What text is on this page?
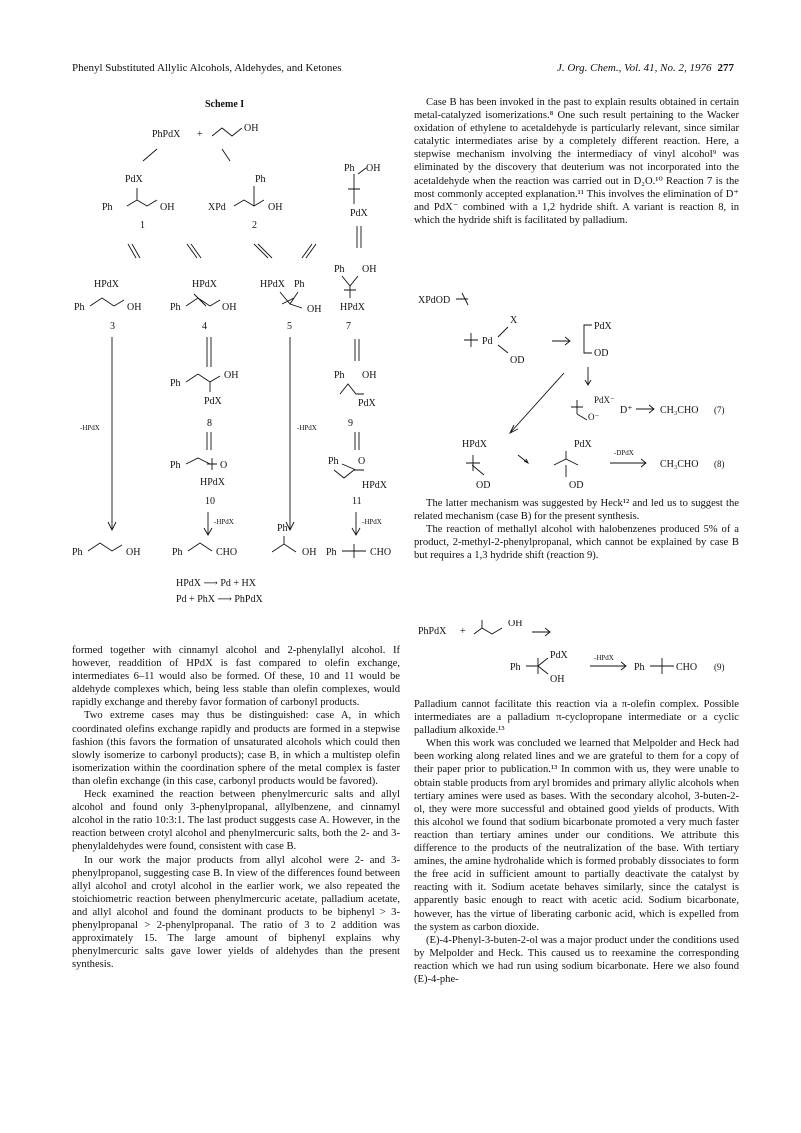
Phenyl Substituted Allylic Alcohols, Aldehydes, and Ketones	J. Org. Chem., Vol. 41, No. 2, 1976 277
Scheme I
PhPdX +
OH
PdX
Ph	OH
1
Ph
XPd	OH
2
Ph OH
PdX
HPdX
Ph	OH
3
HPdX
Ph	OH
4
HPdX Ph
OH
5
Ph OH
HPdX
7
-HPdX	-HPdX
Ph
OH
PdX
8
Ph OH
PdX
9
Ph	O
HPdX
10
Ph O
HPdX
11
-HPdX	-HPdX
Ph	OH	Ph	CHO
Ph
OH Ph	CHO
HPdX ⟶ Pd + HX
Pd + PhX ⟶ PhPdX

formed together with cinnamyl alcohol and 2-phenylallyl alcohol. If however, readdition of HPdX is fast compared to olefin exchange, intermediates 6–11 would also be formed. Of these, 10 and 11 would be aldehyde complexes which, being less stable than olefin complexes, would rapidly exchange and thereby favor formation of carbonyl products.

Two extreme cases may thus be distinguished: case A, in which coordinated olefins exchange rapidly and products are formed in a stepwise fashion (this favors the formation of unsaturated alcohols which could then slowly isomerize to carbonyl products); case B, in which a multistep olefin isomerization within the coordination sphere of the metal complex is faster than olefin exchange (in this case, carbonyl products would be favored).

Heck examined the reaction between phenylmercuric salts and allyl alcohol and found only 3-phenylpropanal, allylbenzene, and cinnamyl alcohol in the ratio 10:3:1. The last product suggests case A. However, in the reaction between crotyl alcohol and phenylmercuric salts, both the 2- and 3-phenylaldehydes were found, consistent with case B.

In our work the major products from allyl alcohol were 2- and 3-phenylpropanol, suggesting case B. In view of the differences found between allyl alcohol and crotyl alcohol in the earlier work, we also repeated the stoichiometric reaction between phenylmercuric acetate, palladium acetate, and allyl alcohol and found the dominant products to be biphenyl > 3-phenylpropanal > 2-phenylpropanal. The ratio of 3 to 2 addition was approximately 15. The large amount of biphenyl explains why phenylmercuric salts gave lower yields of aldehydes than the present synthesis.

Case B has been invoked in the past to explain results obtained in certain metal-catalyzed isomerizations.⁸ One such result pertaining to the Wacker oxidation of ethylene to acetaldehyde is particularly relevant, since similar catalytic intermediates arise by a completely different reaction. Here, a stepwise mechanism involving the intermediacy of vinyl alcohol⁹ was eliminated by the discovery that deuterium was not incorporated into the acetaldehyde when the reaction was carried out in D₂O.¹⁰ Reaction 7 is the most commonly accepted explanation.¹¹ This involves the elimination of D⁺ and PdX⁻ combined with a 1,2 hydride shift. A variant is reaction 8, in which the hydride shift is facilitated by palladium.

XPdOD
Pd
X
OD
PdX
OD
PdX⁻
O⁻
D⁺	CH₃CHO (7)
HPdX
OD
PdX
OD
-DPdX
CH₃CHO (8)

The latter mechanism was suggested by Heck¹² and led us to suggest the related mechanism (case B) for the present synthesis.

The reaction of methallyl alcohol with halobenzenes produced 5% of a product, 2-methyl-2-phenylpropanal, which cannot be explained by case B but requires a 1,3 hydride shift (reaction 9).

PhPdX +
OH
Ph
PdX
OH
-HPdX
Ph	CHO (9)

Palladium cannot facilitate this reaction via a π-olefin complex. Possible intermediates are a palladium π-cyclopropane intermediate or a cyclic palladium alkoxide.¹³

When this work was concluded we learned that Melpolder and Heck had been working along related lines and we are grateful to them for a copy of their paper prior to publication.¹³ In common with us, they were unable to obtain stable products from aryl bromides and primary allylic alcohols when tertiary amines were used as bases. With the secondary alcohol, 3-buten-2-ol, they were more successful and obtained good yields of products. With this alcohol we found that sodium bicarbonate promoted a very much faster reaction than tertiary amines under our conditions. We attribute this difference to the products of the neutralization of the base. With tertiary amines, the amine hydrohalide which is formed probably dissociates to form the free acid in sufficient amount to partially deactivate the catalyst by reacting with it. Sodium acetate behaves similarly, since the catalyst is apparently basic enough to react with acetic acid. Sodium bicarbonate, however, has the virtue of liberating carbonic acid, which is expelled from the system as carbon dioxide.

(E)-4-Phenyl-3-buten-2-ol was a major product under the conditions used by Melpolder and Heck. This caused us to reexamine the corresponding reaction which we had run using sodium bicarbonate. Here we also found (E)-4-phe-
